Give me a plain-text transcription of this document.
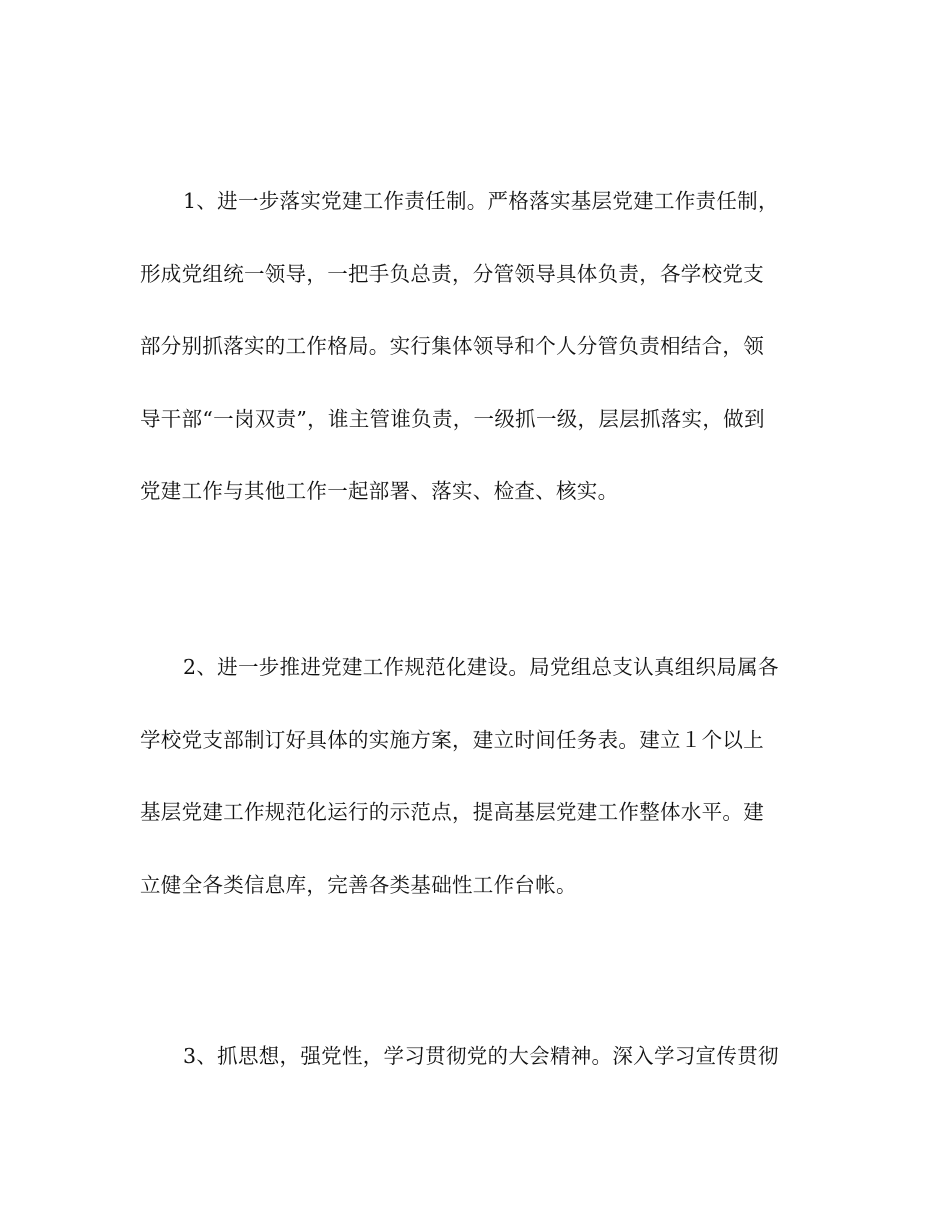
1、进一步落实党建工作责任制。严格落实基层党建工作责任制，
形成党组统一领导，一把手负总责，分管领导具体负责，各学校党支
部分别抓落实的工作格局。实行集体领导和个人分管负责相结合，领
导干部“一岗双责”，谁主管谁负责，一级抓一级，层层抓落实，做到
党建工作与其他工作一起部署、落实、检查、核实。
2、进一步推进党建工作规范化建设。局党组总支认真组织局属各
学校党支部制订好具体的实施方案，建立时间任务表。建立１个以上
基层党建工作规范化运行的示范点，提高基层党建工作整体水平。建
立健全各类信息库，完善各类基础性工作台帐。
3、抓思想，强党性，学习贯彻党的大会精神。深入学习宣传贯彻
